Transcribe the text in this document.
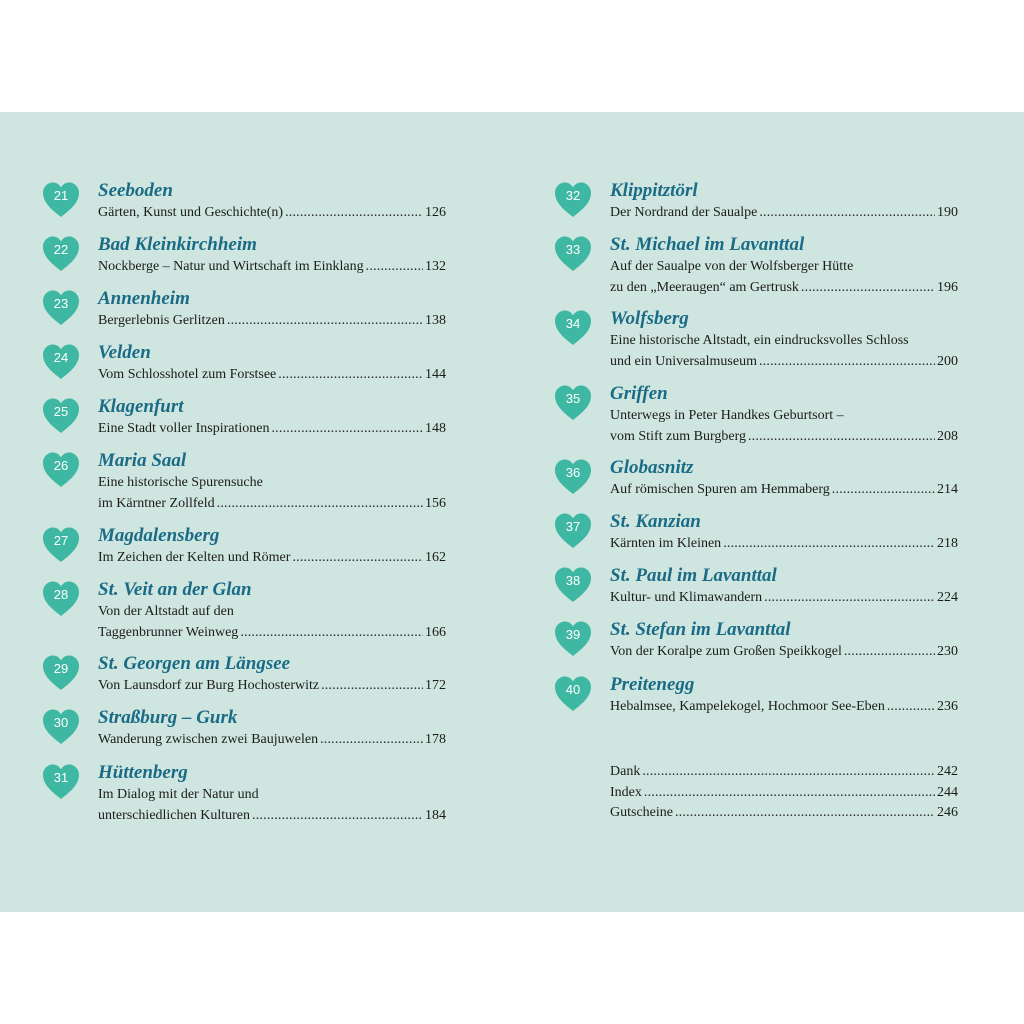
21	Seeboden
Gärten, Kunst und Geschichte(n) .....	126
22	Bad Kleinkirchheim
Nockberge – Natur und Wirtschaft im Einklang .....	132
23	Annenheim
Bergerlebnis Gerlitzen .....	138
24	Velden
Vom Schlosshotel zum Forstsee .....	144
25	Klagenfurt
Eine Stadt voller Inspirationen .....	148
26	Maria Saal
Eine historische Spurensuche
im Kärntner Zollfeld .....	156
27	Magdalensberg
Im Zeichen der Kelten und Römer .....	162
28	St. Veit an der Glan
Von der Altstadt auf den
Taggenbrunner Weinweg .....	166
29	St. Georgen am Längsee
Von Launsdorf zur Burg Hochosterwitz .....	172
30	Straßburg – Gurk
Wanderung zwischen zwei Baujuwelen .....	178
31	Hüttenberg
Im Dialog mit der Natur und
unterschiedlichen Kulturen .....	184
32	Klippitztörl
Der Nordrand der Saualpe .....	190
33	St. Michael im Lavanttal
Auf der Saualpe von der Wolfsberger Hütte
zu den „Meeraugen“ am Gertrusk .....	196
34	Wolfsberg
Eine historische Altstadt, ein eindrucksvolles Schloss
und ein Universalmuseum .....	200
35	Griffen
Unterwegs in Peter Handkes Geburtsort –
vom Stift zum Burgberg .....	208
36	Globasnitz
Auf römischen Spuren am Hemmaberg .....	214
37	St. Kanzian
Kärnten im Kleinen .....	218
38	St. Paul im Lavanttal
Kultur- und Klimawandern .....	224
39	St. Stefan im Lavanttal
Von der Koralpe zum Großen Speikkogel .....	230
40	Preitenegg
Hebalmsee, Kampelekogel, Hochmoor See-Eben .....	236
Dank .....	242
Index .....	244
Gutscheine .....	246
